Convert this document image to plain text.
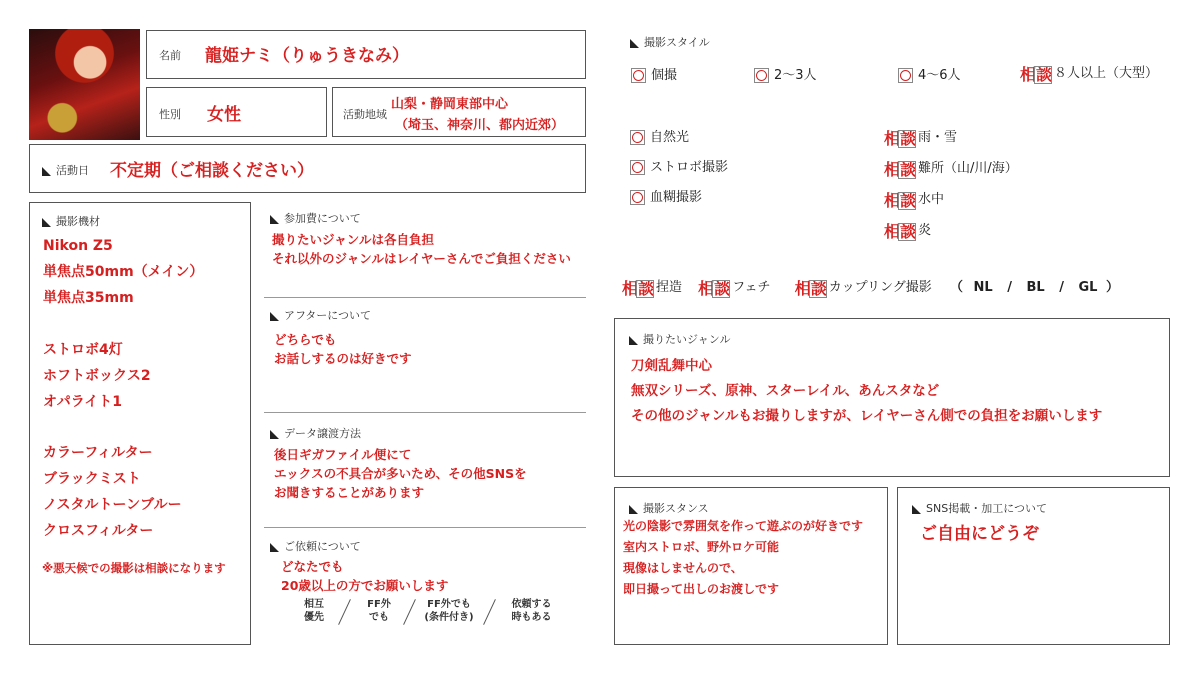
名前 龍姫ナミ（りゅうきなみ）
性別 女性	活動地域
山梨・静岡東部中心
（埼玉、神奈川、都内近郊）
活動日 不定期（ご相談ください）
撮影機材
Nikon Z5
単焦点50mm（メイン）
単焦点35mm
ストロボ4灯
ホフトボックス2
オパライト1
カラーフィルター
ブラックミスト
ノスタルトーンブルー
クロスフィルター
※悪天候での撮影は相談になります
参加費について
撮りたいジャンルは各自負担
それ以外のジャンルはレイヤーさんでご負担ください
アフターについて
どちらでも
お話しするのは好きです
データ譲渡方法
後日ギガファイル便にて
エックスの不具合が多いため、その他SNSを
お聞きすることがあります
ご依頼について
どなたでも
20歳以上の方でお願いします
相互
優先
FF外
でも
FF外でも
(条件付き)
依頼する
時もある
撮影スタイル
個撮	2〜3人	4〜6人	相談 ８人以上（大型）
自然光
ストロボ撮影
血糊撮影
相談 雨・雪
相談 難所（山/川/海）
相談 水中
相談 炎
相談 捏造 相談 フェチ 相談 カップリング撮影 （ NL / BL / GL ）
撮りたいジャンル
刀剣乱舞中心
無双シリーズ、原神、スターレイル、あんスタなど
その他のジャンルもお撮りしますが、レイヤーさん側での負担をお願いします
撮影スタンス
光の陰影で雰囲気を作って遊ぶのが好きです
室内ストロボ、野外ロケ可能
現像はしませんので、
即日撮って出しのお渡しです
SNS掲載・加工について
ご自由にどうぞ
